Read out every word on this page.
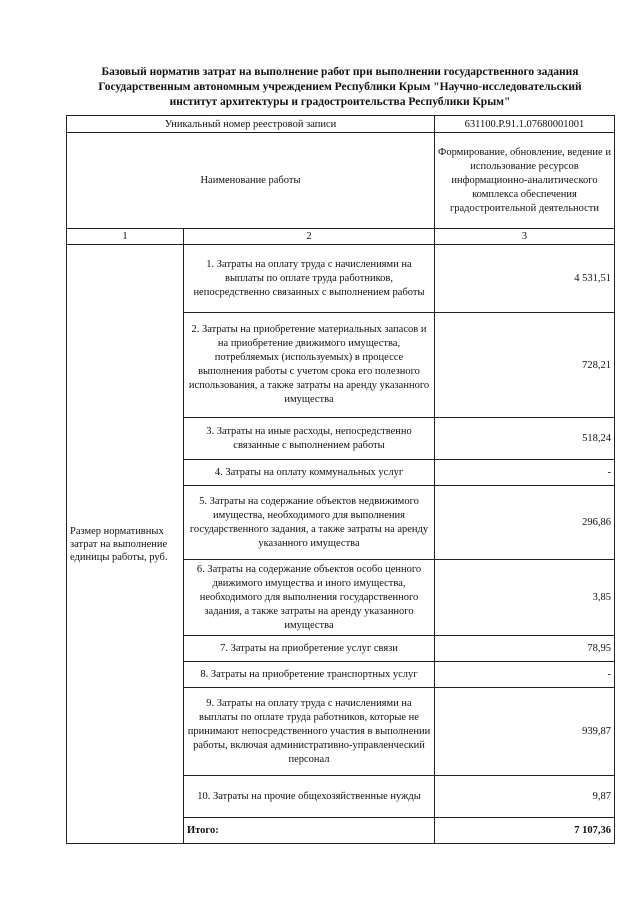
Базовый норматив затрат на выполнение работ при выполнении государственного задания
Государственным автономным учреждением Республики Крым "Научно-исследовательский
институт архитектуры и градостроительства Республики Крым"
Уникальный номер реестровой записи		631100.Р.91.1.07680001001
Наименование работы		Формирование, обновление, ведение и использование ресурсов информационно-аналитического комплекса обеспечения градостроительной деятельности
1	2	3
Размер нормативных затрат на выполнение единицы работы, руб.	1. Затраты на оплату труда с начислениями на выплаты по оплате труда работников, непосредственно связанных с выполнением работы	4 531,51
	2. Затраты на приобретение материальных запасов и на приобретение движимого имущества, потребляемых (используемых) в процессе выполнения работы с учетом срока его полезного использования, а также затраты на аренду указанного имущества	728,21
	3. Затраты на иные расходы, непосредственно связанные с выполнением работы	518,24
	4. Затраты на оплату коммунальных услуг	-
	5. Затраты на содержание объектов недвижимого имущества, необходимого для выполнения государственного задания, а также затраты на аренду указанного имущества	296,86
	6. Затраты на содержание объектов особо ценного движимого имущества и иного имущества, необходимого для выполнения государственного задания, а также затраты на аренду указанного имущества	3,85
	7. Затраты на приобретение услуг связи	78,95
	8. Затраты на приобретение транспортных услуг	-
	9. Затраты на оплату труда с начислениями на выплаты по оплате труда работников, которые не принимают непосредственного участия в выполнении работы, включая административно-управленческий персонал	939,87
	10. Затраты на прочие общехозяйственные нужды	9,87
	Итого:	7 107,36
